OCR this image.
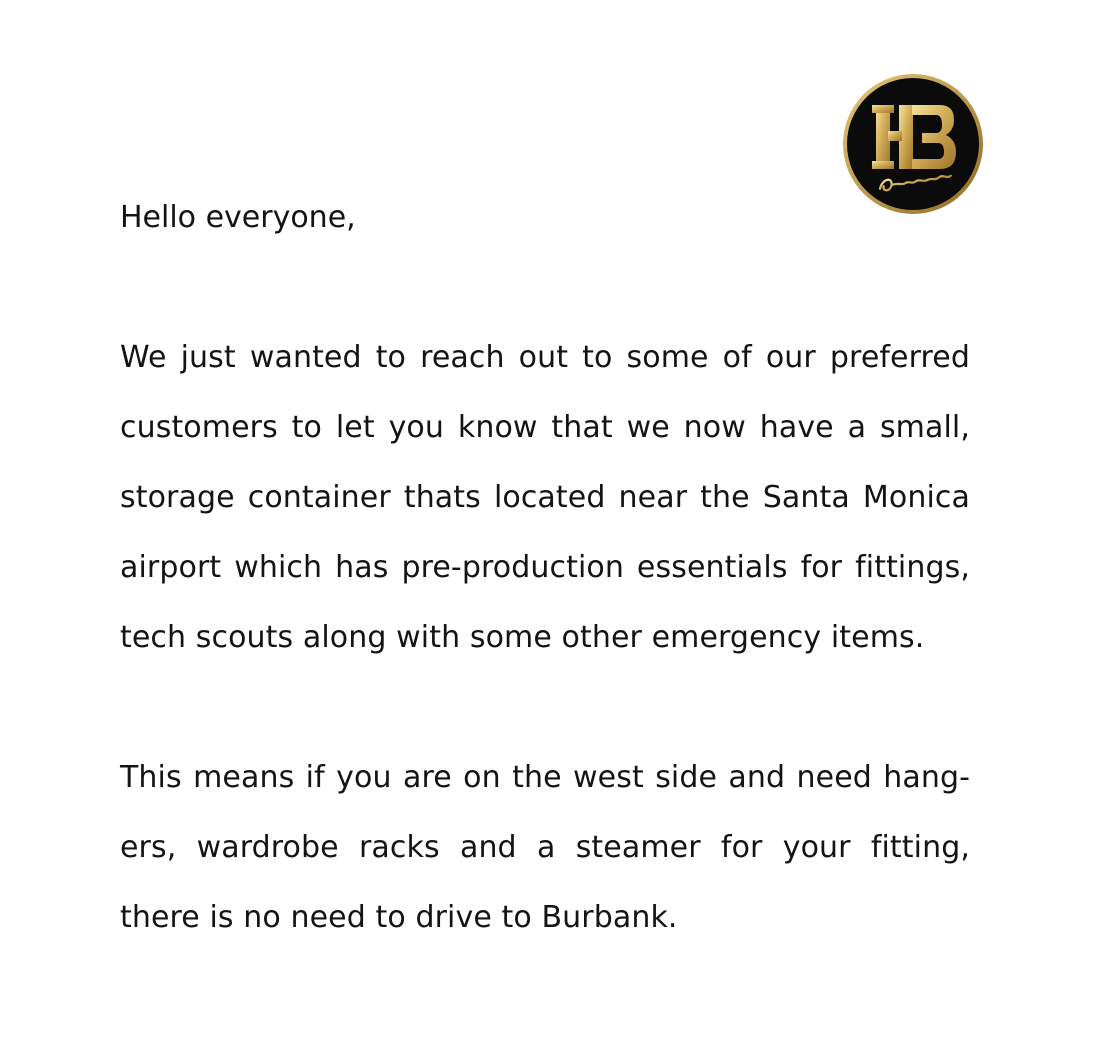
Hello everyone,
We just wanted to reach out to some of our preferred customers to let you know that we now have a small, storage container thats located near the Santa Monica airport which has pre-production essentials for fittings, tech scouts along with some other emergency items.
This means if you are on the west side and need hangers, wardrobe racks and a steamer for your fitting, there is no need to drive to Burbank.
